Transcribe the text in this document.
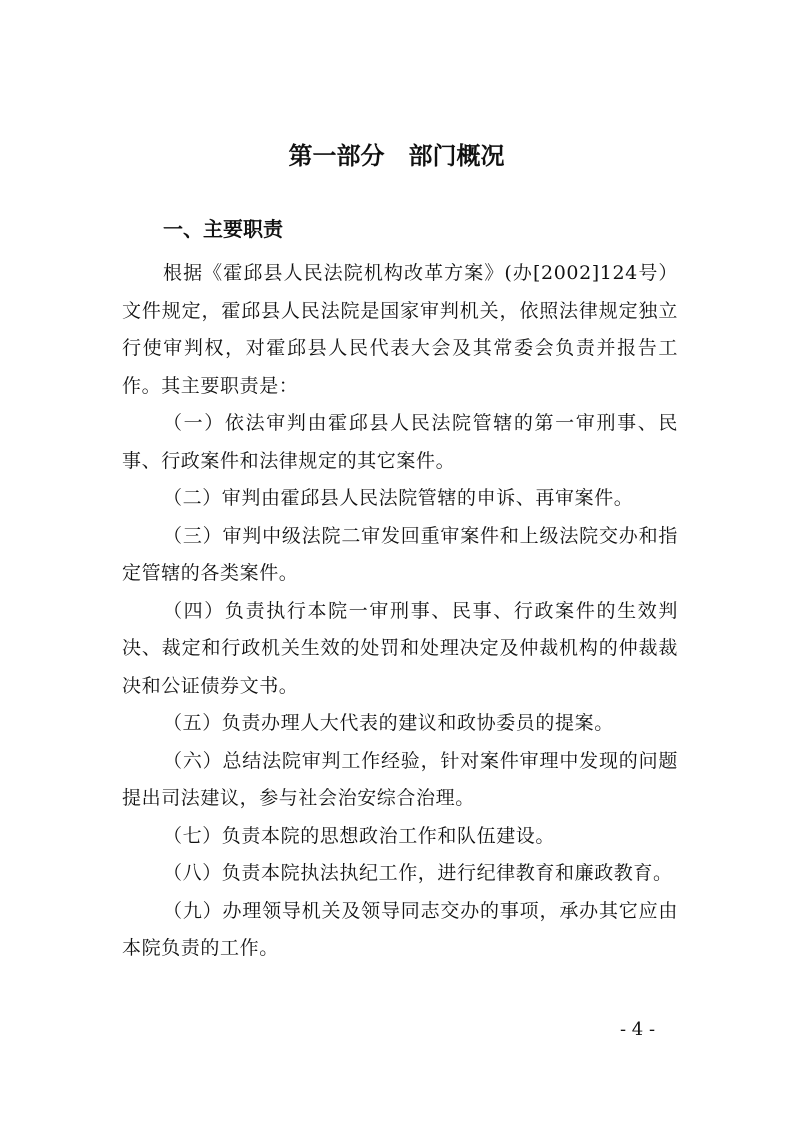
第一部分　部门概况
一、主要职责

根据《霍邱县人民法院机构改革方案》(办[2002]124号）文件规定，霍邱县人民法院是国家审判机关，依照法律规定独立行使审判权，对霍邱县人民代表大会及其常委会负责并报告工作。其主要职责是：

（一）依法审判由霍邱县人民法院管辖的第一审刑事、民事、行政案件和法律规定的其它案件。

（二）审判由霍邱县人民法院管辖的申诉、再审案件。

（三）审判中级法院二审发回重审案件和上级法院交办和指定管辖的各类案件。

（四）负责执行本院一审刑事、民事、行政案件的生效判决、裁定和行政机关生效的处罚和处理决定及仲裁机构的仲裁裁决和公证债券文书。

（五）负责办理人大代表的建议和政协委员的提案。

（六）总结法院审判工作经验，针对案件审理中发现的问题提出司法建议，参与社会治安综合治理。

（七）负责本院的思想政治工作和队伍建设。

（八）负责本院执法执纪工作，进行纪律教育和廉政教育。

（九）办理领导机关及领导同志交办的事项，承办其它应由本院负责的工作。

- 4 -
